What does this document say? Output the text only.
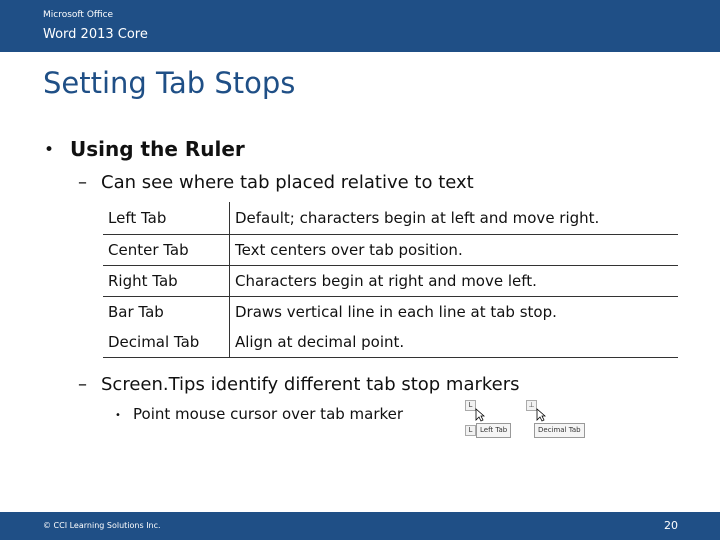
Microsoft Office
Word 2013 Core
Setting Tab Stops
• Using the Ruler
– Can see where tab placed relative to text
Left Tab	Default; characters begin at left and move right.
Center Tab	Text centers over tab position.
Right Tab	Characters begin at right and move left.
Bar Tab	Draws vertical line in each line at tab stop.
Decimal Tab	Align at decimal point.
– Screen.Tips identify different tab stop markers
• Point mouse cursor over tab marker	L
L	Left Tab
⊥
Decimal Tab
© CCI Learning Solutions Inc.	20
